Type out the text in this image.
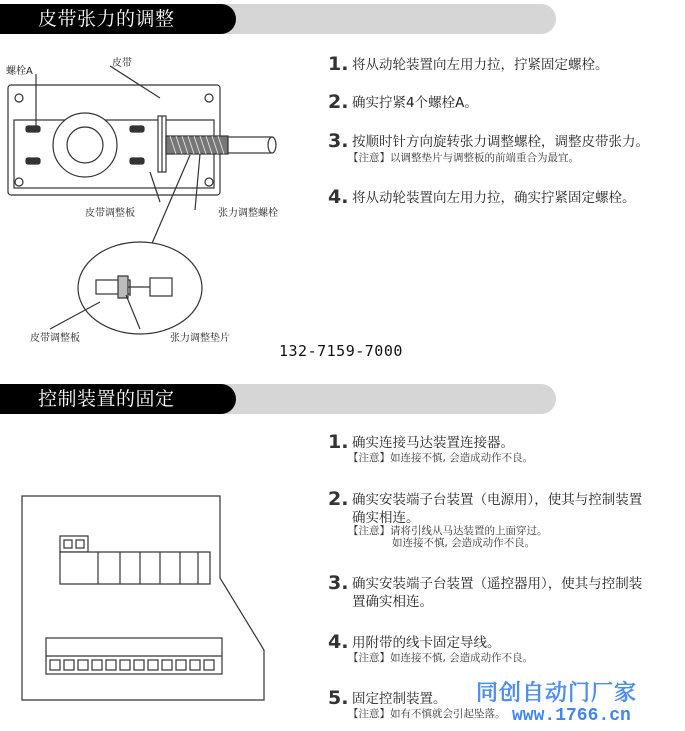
皮带张力的调整
螺栓A
皮带
皮带调整板	张力调整螺栓
皮带调整板	张力调整垫片
132-7159-7000
1. 将从动轮装置向左用力拉，拧紧固定螺栓。
2. 确实拧紧4个螺栓A。
3. 按顺时针方向旋转张力调整螺栓，调整皮带张力。
【注意】以调整垫片与调整板的前端重合为最宜。
4. 将从动轮装置向左用力拉，确实拧紧固定螺栓。
控制装置的固定
1. 确实连接马达装置连接器。
【注意】如连接不慎, 会造成动作不良。
2. 确实安装端子台装置（电源用），使其与控制装置
确实相连。
【注意】请将引线从马达装置的上面穿过。
如连接不慎, 会造成动作不良。
3. 确实安装端子台装置（遥控器用），使其与控制装
置确实相连。
4. 用附带的线卡固定导线。
【注意】如连接不慎, 会造成动作不良。
5. 固定控制装置。
【注意】如有不慎就会引起坠落。
同创自动门厂家
www.1766.cn
